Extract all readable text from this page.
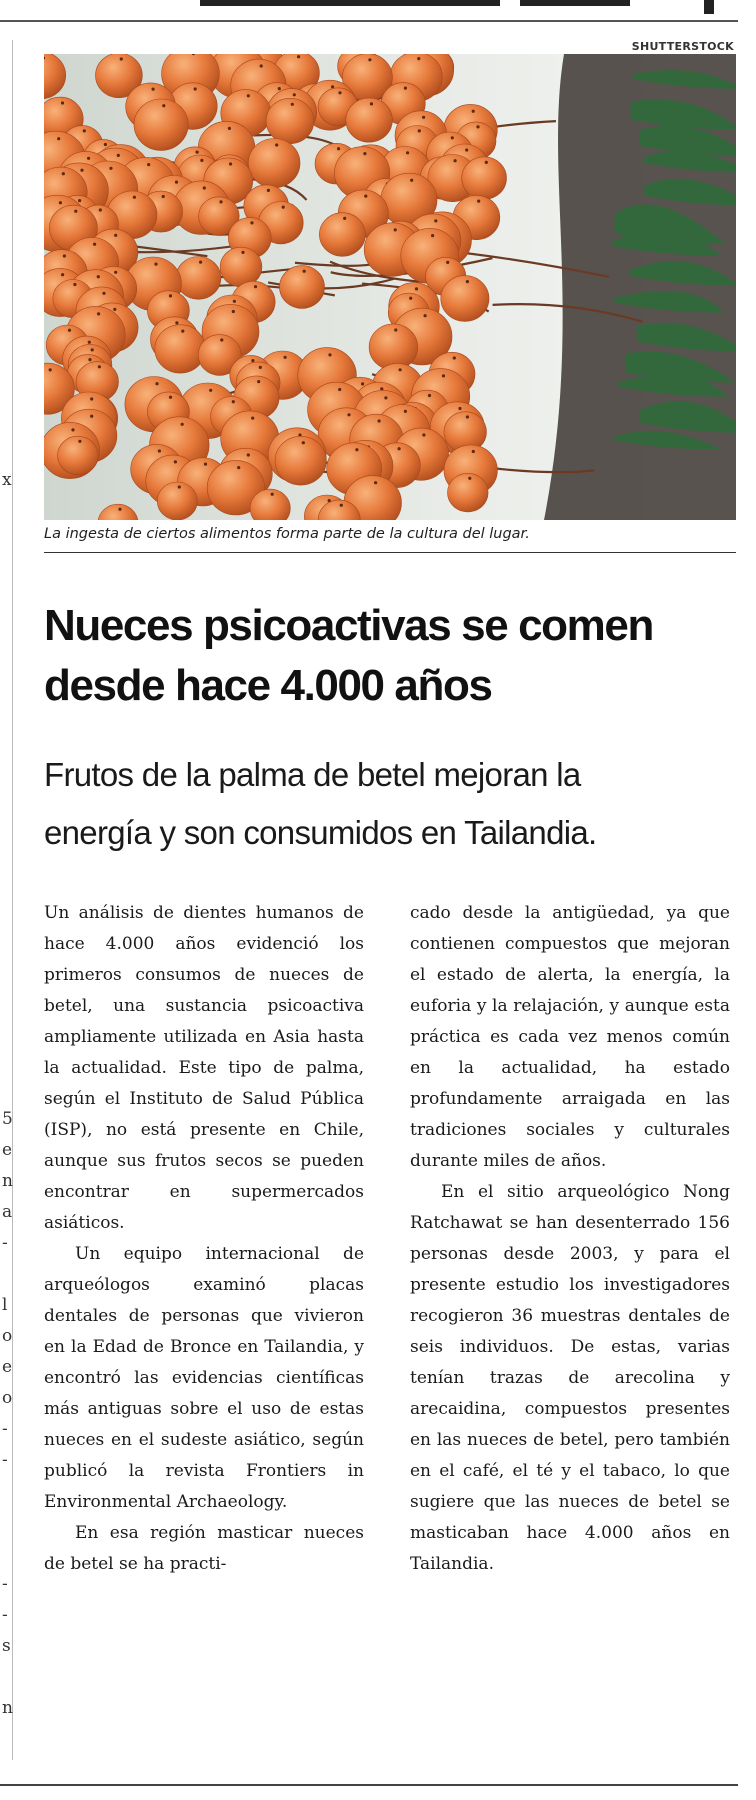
x
5
e
n
a
-
l
o
e
o
-
-
-
-
s
n
SHUTTERSTOCK
La ingesta de ciertos alimentos forma parte de la cultura del lugar.
Nueces psicoactivas se comen
desde hace 4.000 años
Frutos de la palma de betel mejoran la
energía y son consumidos en Tailandia.

Un análisis de dientes humanos de hace 4.000 años evidenció los primeros consumos de nueces de betel, una sustancia psicoactiva ampliamente utilizada en Asia hasta la actualidad. Este tipo de palma, según el Instituto de Salud Pública (ISP), no está presente en Chile, aunque sus frutos secos se pueden encontrar en supermercados asiáticos.

Un equipo internacional de arqueólogos examinó placas dentales de personas que vivieron en la Edad de Bronce en Tailandia, y encontró las evidencias científicas más antiguas sobre el uso de estas nueces en el sudeste asiático, según publicó la revista Frontiers in Environmental Archaeology.

En esa región masticar nueces de betel se ha practi-

cado desde la antigüedad, ya que contienen compuestos que mejoran el estado de alerta, la energía, la euforia y la relajación, y aunque esta práctica es cada vez menos común en la actualidad, ha estado profundamente arraigada en las tradiciones sociales y culturales durante miles de años.

En el sitio arqueológico Nong Ratchawat se han desenterrado 156 personas desde 2003, y para el presente estudio los investigadores recogieron 36 muestras dentales de seis individuos. De estas, varias tenían trazas de arecolina y arecaidina, compuestos presentes en las nueces de betel, pero también en el café, el té y el tabaco, lo que sugiere que las nueces de betel se masticaban hace 4.000 años en Tailandia.
